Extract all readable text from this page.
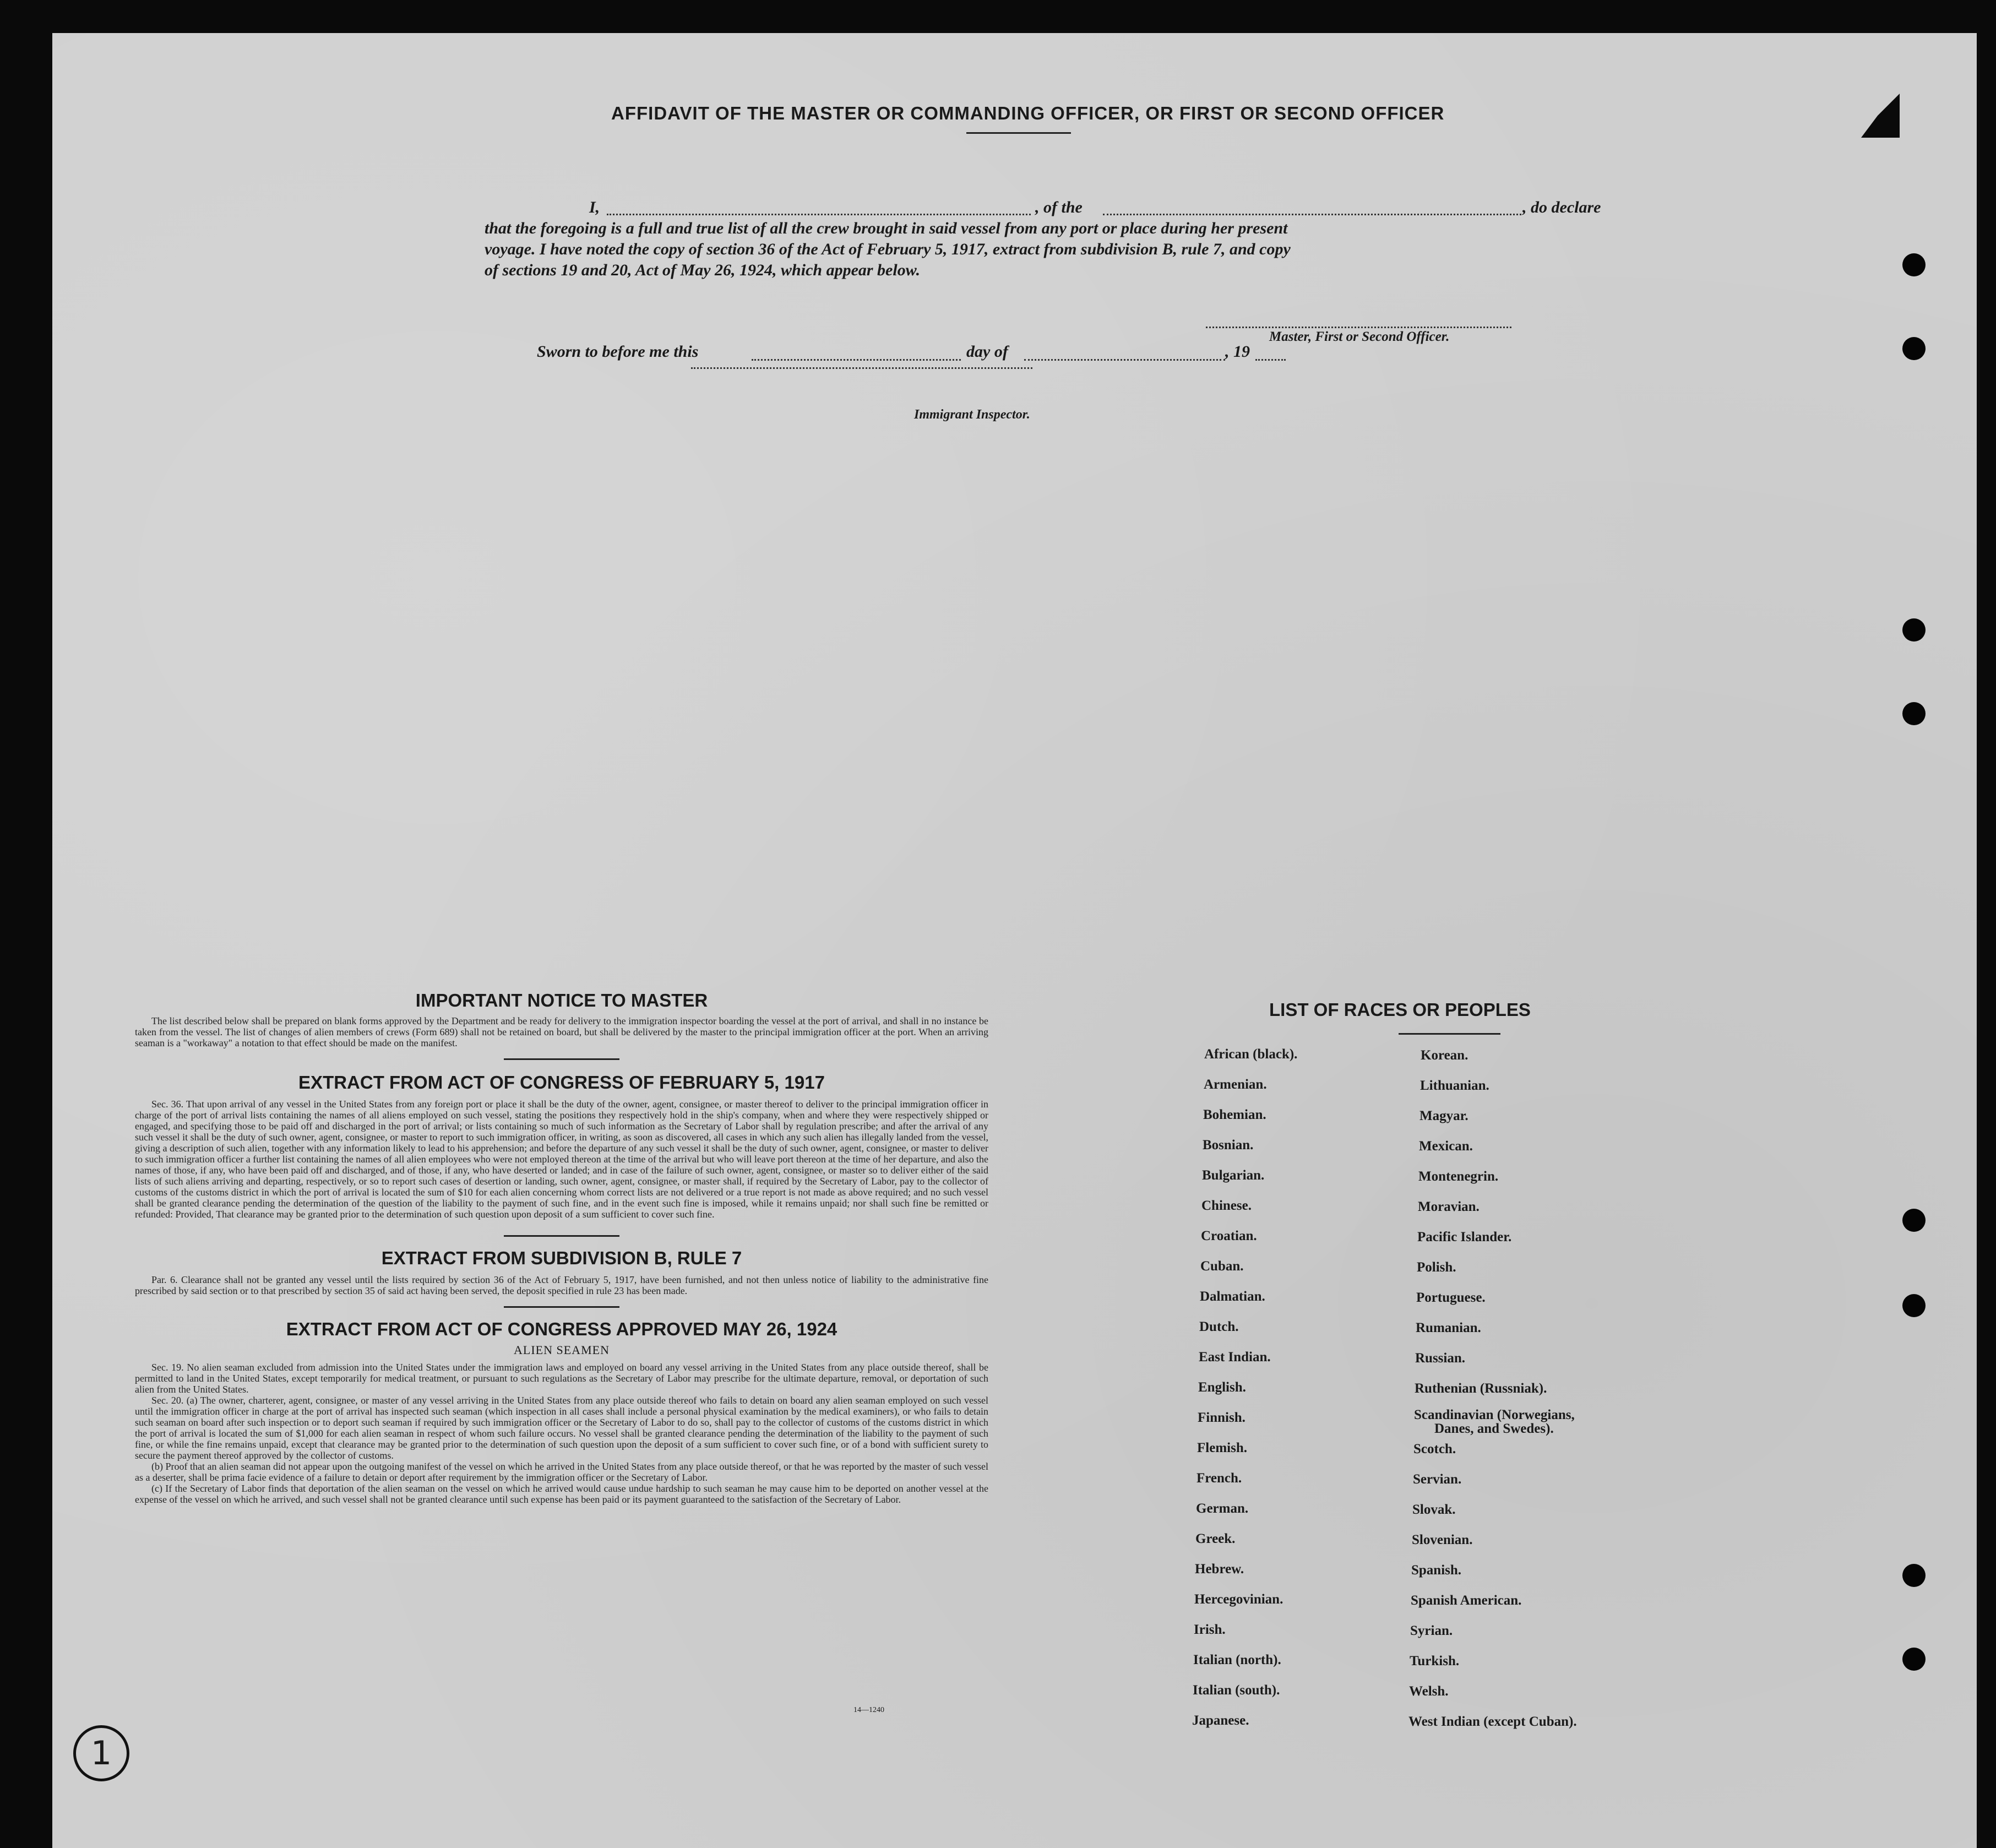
AFFIDAVIT OF THE MASTER OR COMMANDING OFFICER, OR FIRST OR SECOND OFFICER
I,	, of the	, do declare
that the foregoing is a full and true list of all the crew brought in said vessel from any port or place during her present
voyage. I have noted the copy of section 36 of the Act of February 5, 1917, extract from subdivision B, rule 7, and copy
of sections 19 and 20, Act of May 26, 1924, which appear below.
Master, First or Second Officer.
Sworn to before me this	day of	, 19
Immigrant Inspector.
IMPORTANT NOTICE TO MASTER

The list described below shall be prepared on blank forms approved by the Department and be ready for delivery to the immigration inspector boarding the vessel at the port of arrival, and shall in no instance be taken from the vessel. The list of changes of alien members of crews (Form 689) shall not be retained on board, but shall be delivered by the master to the principal immigration officer at the port. When an arriving seaman is a "workaway" a notation to that effect should be made on the manifest.

EXTRACT FROM ACT OF CONGRESS OF FEBRUARY 5, 1917

Sec. 36. That upon arrival of any vessel in the United States from any foreign port or place it shall be the duty of the owner, agent, consignee, or master thereof to deliver to the principal immigration officer in charge of the port of arrival lists containing the names of all aliens employed on such vessel, stating the positions they respectively hold in the ship's company, when and where they were respectively shipped or engaged, and specifying those to be paid off and discharged in the port of arrival; or lists containing so much of such information as the Secretary of Labor shall by regulation prescribe; and after the arrival of any such vessel it shall be the duty of such owner, agent, consignee, or master to report to such immigration officer, in writing, as soon as discovered, all cases in which any such alien has illegally landed from the vessel, giving a description of such alien, together with any information likely to lead to his apprehension; and before the departure of any such vessel it shall be the duty of such owner, agent, consignee, or master to deliver to such immigration officer a further list containing the names of all alien employees who were not employed thereon at the time of the arrival but who will leave port thereon at the time of her departure, and also the names of those, if any, who have been paid off and discharged, and of those, if any, who have deserted or landed; and in case of the failure of such owner, agent, consignee, or master so to deliver either of the said lists of such aliens arriving and departing, respectively, or so to report such cases of desertion or landing, such owner, agent, consignee, or master shall, if required by the Secretary of Labor, pay to the collector of customs of the customs district in which the port of arrival is located the sum of $10 for each alien concerning whom correct lists are not delivered or a true report is not made as above required; and no such vessel shall be granted clearance pending the determination of the question of the liability to the payment of such fine, and in the event such fine is imposed, while it remains unpaid; nor shall such fine be remitted or refunded: Provided, That clearance may be granted prior to the determination of such question upon deposit of a sum sufficient to cover such fine.

EXTRACT FROM SUBDIVISION B, RULE 7

Par. 6. Clearance shall not be granted any vessel until the lists required by section 36 of the Act of February 5, 1917, have been furnished, and not then unless notice of liability to the administrative fine prescribed by said section or to that prescribed by section 35 of said act having been served, the deposit specified in rule 23 has been made.

EXTRACT FROM ACT OF CONGRESS APPROVED MAY 26, 1924
ALIEN SEAMEN

Sec. 19. No alien seaman excluded from admission into the United States under the immigration laws and employed on board any vessel arriving in the United States from any place outside thereof, shall be permitted to land in the United States, except temporarily for medical treatment, or pursuant to such regulations as the Secretary of Labor may prescribe for the ultimate departure, removal, or deportation of such alien from the United States.

Sec. 20. (a) The owner, charterer, agent, consignee, or master of any vessel arriving in the United States from any place outside thereof who fails to detain on board any alien seaman employed on such vessel until the immigration officer in charge at the port of arrival has inspected such seaman (which inspection in all cases shall include a personal physical examination by the medical examiners), or who fails to detain such seaman on board after such inspection or to deport such seaman if required by such immigration officer or the Secretary of Labor to do so, shall pay to the collector of customs of the customs district in which the port of arrival is located the sum of $1,000 for each alien seaman in respect of whom such failure occurs. No vessel shall be granted clearance pending the determination of the liability to the payment of such fine, or while the fine remains unpaid, except that clearance may be granted prior to the determination of such question upon the deposit of a sum sufficient to cover such fine, or of a bond with sufficient surety to secure the payment thereof approved by the collector of customs.

(b) Proof that an alien seaman did not appear upon the outgoing manifest of the vessel on which he arrived in the United States from any place outside thereof, or that he was reported by the master of such vessel as a deserter, shall be prima facie evidence of a failure to detain or deport after requirement by the immigration officer or the Secretary of Labor.

(c) If the Secretary of Labor finds that deportation of the alien seaman on the vessel on which he arrived would cause undue hardship to such seaman he may cause him to be deported on another vessel at the expense of the vessel on which he arrived, and such vessel shall not be granted clearance until such expense has been paid or its payment guaranteed to the satisfaction of the Secretary of Labor.

14—1240
LIST OF RACES OR PEOPLES
African (black).
Armenian.
Bohemian.
Bosnian.
Bulgarian.
Chinese.
Croatian.
Cuban.
Dalmatian.
Dutch.
East Indian.
English.
Finnish.
Flemish.
French.
German.
Greek.
Hebrew.
Hercegovinian.
Irish.
Italian (north).
Italian (south).
Japanese.
Korean.
Lithuanian.
Magyar.
Mexican.
Montenegrin.
Moravian.
Pacific Islander.
Polish.
Portuguese.
Rumanian.
Russian.
Ruthenian (Russniak).
Scandinavian (Norwegians,
Danes, and Swedes).
Scotch.
Servian.
Slovak.
Slovenian.
Spanish.
Spanish American.
Syrian.
Turkish.
Welsh.
West Indian (except Cuban).
1
